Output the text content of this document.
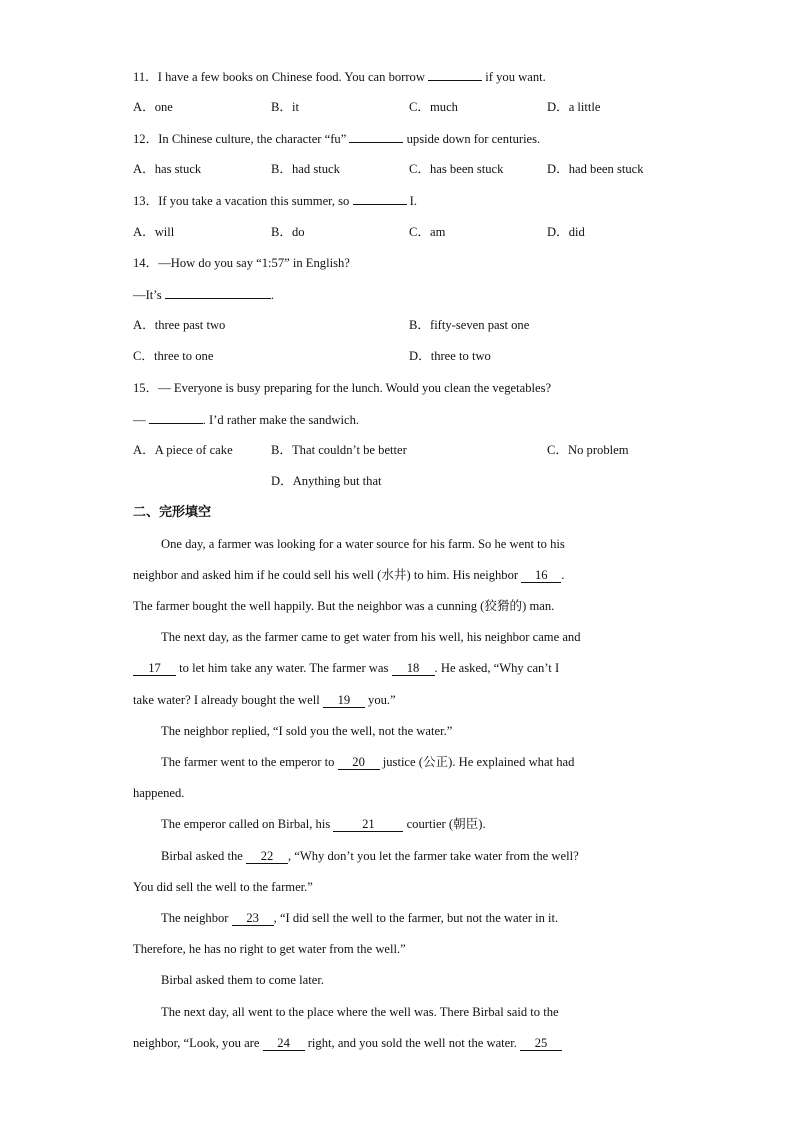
11．I have a few books on Chinese food. You can borrow	if you want.
A．one	B．it	C．much	D．a little
12．In Chinese culture, the character “fu”	upside down for centuries.
A．has stuck	B．had stuck	C．has been stuck	D．had been stuck
13．If you take a vacation this summer, so	I.
A．will	B．do	C．am	D．did
14．—How do you say “1:57” in English?
—It’s	.
A．three past two	B．fifty-seven past one
C．three to one	D．three to two
15．— Everyone is busy preparing for the lunch. Would you clean the vegetables?
—	. I’d rather make the sandwich.
A．A piece of cake	B．That couldn’t be better	C．No problem
D．Anything but that
二、完形填空
One day, a farmer was looking for a water source for his farm. So he went to his
neighbor and asked him if he could sell his well (水井) to him. His neighbor 16 .
The farmer bought the well happily. But the neighbor was a cunning (狡猾的) man.
The next day, as the farmer came to get water from his well, his neighbor came and
17 to let him take any water. The farmer was 18 . He asked, “Why can’t I
take water? I already bought the well 19 you.”
The neighbor replied, “I sold you the well, not the water.”
The farmer went to the emperor to 20 justice (公正). He explained what had
happened.
The emperor called on Birbal, his 21 courtier (朝臣).
Birbal asked the 22 , “Why don’t you let the farmer take water from the well?
You did sell the well to the farmer.”
The neighbor 23 , “I did sell the well to the farmer, but not the water in it.
Therefore, he has no right to get water from the well.”
Birbal asked them to come later.
The next day, all went to the place where the well was. There Birbal said to the
neighbor, “Look, you are 24 right, and you sold the well not the water. 25
